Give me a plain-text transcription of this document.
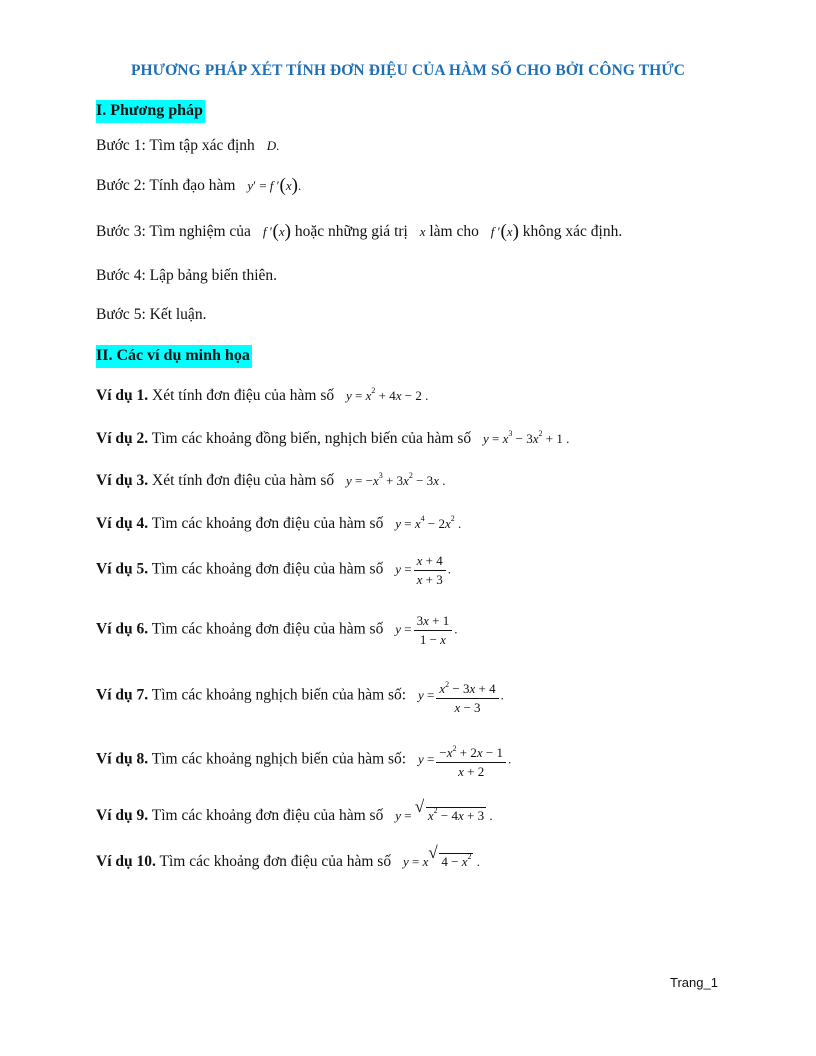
PHƯƠNG PHÁP XÉT TÍNH ĐƠN ĐIỆU CỦA HÀM SỐ CHO BỞI CÔNG THỨC
I. Phương pháp
Bước 1: Tìm tập xác định D.
Bước 2: Tính đạo hàm y′ = f ′(x).
Bước 3: Tìm nghiệm của f ′(x) hoặc những giá trị x làm cho f ′(x) không xác định.
Bước 4: Lập bảng biến thiên.
Bước 5: Kết luận.
II. Các ví dụ minh họa
Ví dụ 1. Xét tính đơn điệu của hàm số $y = x^2 + 4x - 2$ .
Ví dụ 2. Tìm các khoảng đồng biến, nghịch biến của hàm số $y = x^3 - 3x^2 + 1$ .
Ví dụ 3. Xét tính đơn điệu của hàm số $y = -x^3 + 3x^2 - 3x$ .
Ví dụ 4. Tìm các khoảng đơn điệu của hàm số $y = x^4 - 2x^2$ .
Ví dụ 5. Tìm các khoảng đơn điệu của hàm số $y = \frac{x + 4}{x + 3}$ .
Ví dụ 6. Tìm các khoảng đơn điệu của hàm số $y = \frac{3x + 1}{1 - x}$ .
Ví dụ 7. Tìm các khoảng nghịch biến của hàm số: $y = \frac{x^2 - 3x + 4}{x - 3}$ .
Ví dụ 8. Tìm các khoảng nghịch biến của hàm số: $y = \frac{-x^2 + 2x - 1}{x + 2}$ .
Ví dụ 9. Tìm các khoảng đơn điệu của hàm số y = √ $x^2 - 4x + 3$ .
Ví dụ 10. Tìm các khoảng đơn điệu của hàm số y = x √ $4 - x^2$ .
Trang_1
